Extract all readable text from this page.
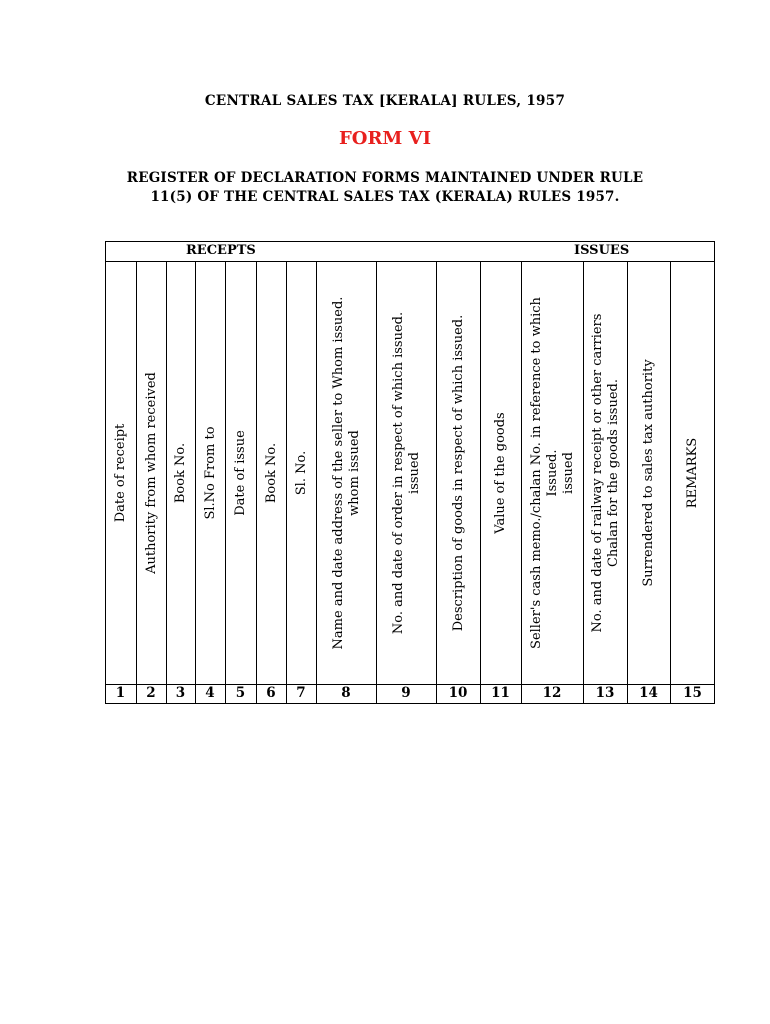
CENTRAL SALES TAX [KERALA] RULES, 1957
FORM VI
REGISTER OF DECLARATION FORMS MAINTAINED UNDER RULE
11(5) OF THE CENTRAL SALES TAX (KERALA) RULES 1957.
RECEPTS	ISSUES
Date of receipt
1
Authority from whom received
2
Book No.
3
Sl.No From to
4
Date of issue
5
Book No.
6
Sl. No.
7
Name and date address of the seller to Whom issued. whom issued
8
No. and date of order in respect of which issued. issued
9
Description of goods in respect of which issued.
10
Value of the goods
11
Seller's cash memo./chalan No. in reference to which Issued. issued
12
No. and date of railway receipt or other carriers Chalan for the goods issued.
13
Surrendered to sales tax authority
14
REMARKS
15
